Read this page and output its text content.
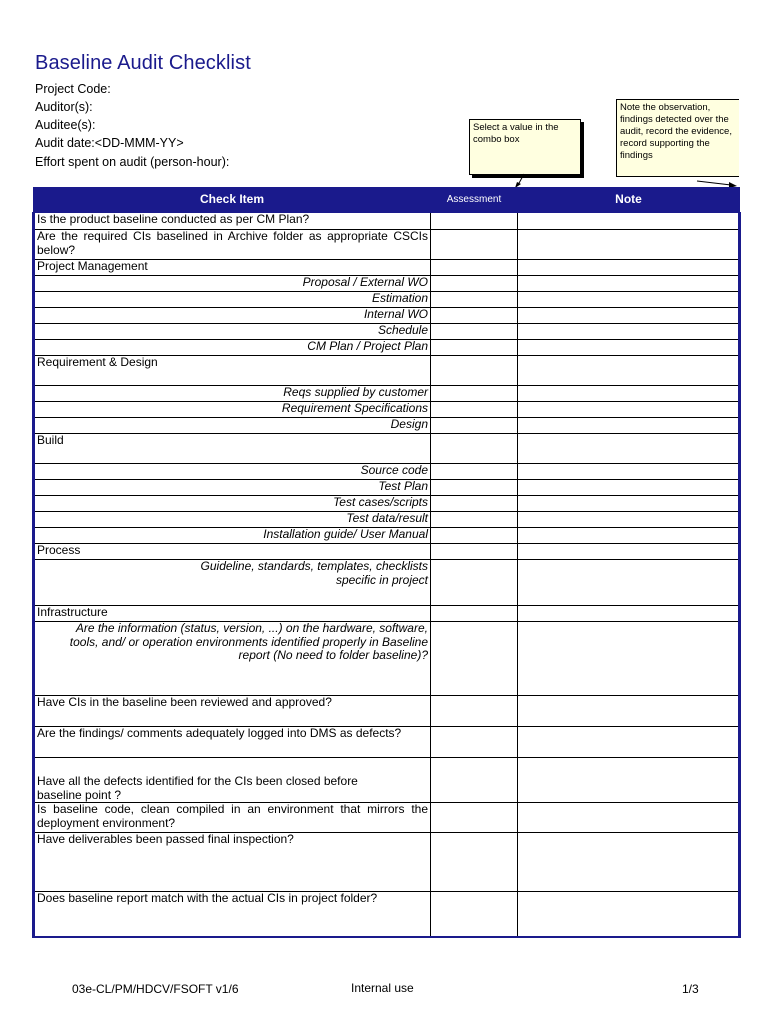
Baseline Audit Checklist
Project Code:
Auditor(s):
Auditee(s):
Audit date:<DD-MMM-YY>
Effort spent on audit (person-hour):
Select a value in the combo box
Note the observation, findings detected over the audit, record the evidence, record supporting the findings
Check Item	Assessment	Note
Is the product baseline conducted as per CM Plan?		
Are the required CIs baselined in Archive folder as appropriate CSCIs below?		
Project Management		
Proposal / External WO		
Estimation		
Internal WO		
Schedule		
CM Plan / Project Plan		
Requirement & Design		
Reqs supplied by customer		
Requirement Specifications		
Design		
Build		
Source code		
Test Plan		
Test cases/scripts		
Test data/result		
Installation guide/ User Manual		
Process		

Guideline, standards, templates, checklists specific in project		

Infrastructure		

Are the information (status, version, ...) on the hardware, software, tools, and/ or operation environments identified properly in Baseline report (No need to folder baseline)?		

Have CIs in the baseline been reviewed and approved?		
Are the findings/ comments adequately logged into DMS as defects?		

Have all the defects identified for the CIs been closed before baseline point ?		

Is baseline code, clean compiled in an environment that mirrors the deployment environment?		
Have deliverables been passed final inspection?		
Does baseline report match with the actual CIs in project folder?		
03e-CL/PM/HDCV/FSOFT v1/6	Internal use	1/3
